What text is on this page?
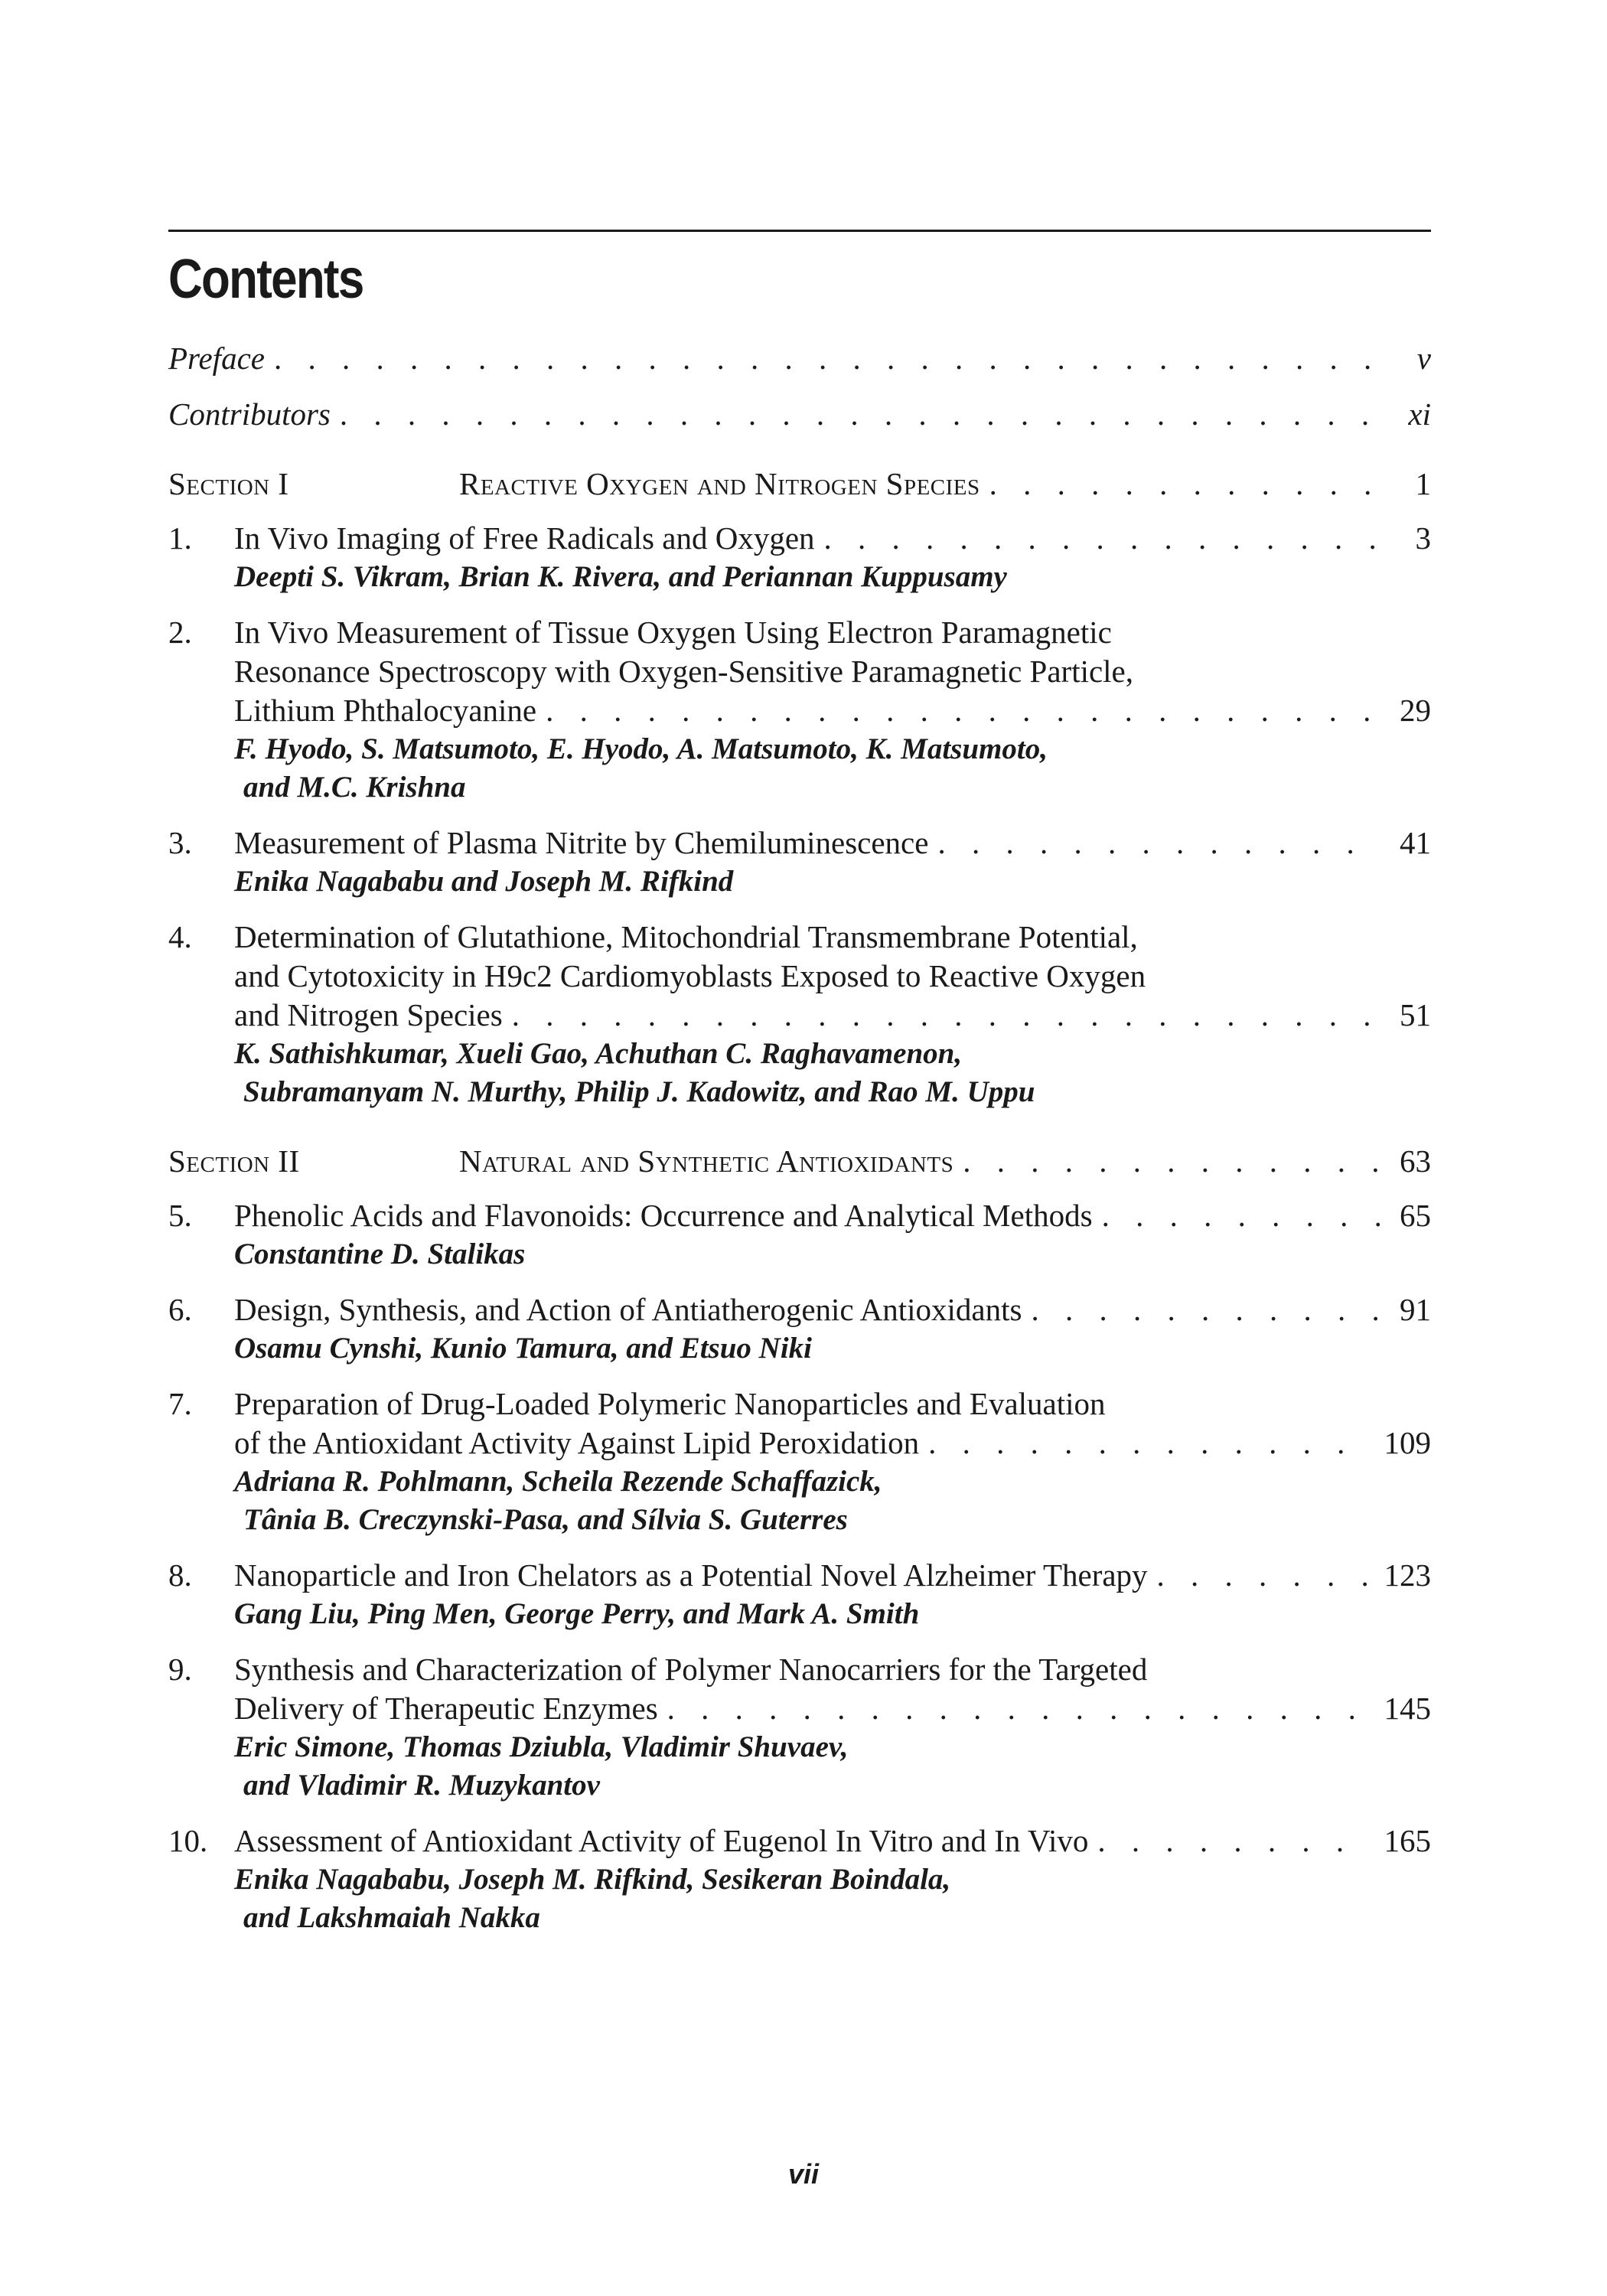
Contents
Preface . . .	v
Contributors . . .	xi
Section I	Reactive Oxygen and Nitrogen Species . . .	1
1.	In Vivo Imaging of Free Radicals and Oxygen . . .	3
Deepti S. Vikram, Brian K. Rivera, and Periannan Kuppusamy
2.	In Vivo Measurement of Tissue Oxygen Using Electron Paramagnetic
Resonance Spectroscopy with Oxygen-Sensitive Paramagnetic Particle,
Lithium Phthalocyanine . . .	29
F. Hyodo, S. Matsumoto, E. Hyodo, A. Matsumoto, K. Matsumoto,
and M.C. Krishna
3.	Measurement of Plasma Nitrite by Chemiluminescence . . .	41
Enika Nagababu and Joseph M. Rifkind
4.	Determination of Glutathione, Mitochondrial Transmembrane Potential,
and Cytotoxicity in H9c2 Cardiomyoblasts Exposed to Reactive Oxygen
and Nitrogen Species . . .	51
K. Sathishkumar, Xueli Gao, Achuthan C. Raghavamenon,
Subramanyam N. Murthy, Philip J. Kadowitz, and Rao M. Uppu
Section II	Natural and Synthetic Antioxidants . . .	63
5.	Phenolic Acids and Flavonoids: Occurrence and Analytical Methods . . .	65
Constantine D. Stalikas
6.	Design, Synthesis, and Action of Antiatherogenic Antioxidants . . .	91
Osamu Cynshi, Kunio Tamura, and Etsuo Niki
7.	Preparation of Drug-Loaded Polymeric Nanoparticles and Evaluation
of the Antioxidant Activity Against Lipid Peroxidation . . .	109
Adriana R. Pohlmann, Scheila Rezende Schaffazick,
Tânia B. Creczynski-Pasa, and Sílvia S. Guterres
8.	Nanoparticle and Iron Chelators as a Potential Novel Alzheimer Therapy . . .	123
Gang Liu, Ping Men, George Perry, and Mark A. Smith
9.	Synthesis and Characterization of Polymer Nanocarriers for the Targeted
Delivery of Therapeutic Enzymes . . .	145
Eric Simone, Thomas Dziubla, Vladimir Shuvaev,
and Vladimir R. Muzykantov
10. Assessment of Antioxidant Activity of Eugenol In Vitro and In Vivo . . .	165
Enika Nagababu, Joseph M. Rifkind, Sesikeran Boindala,
and Lakshmaiah Nakka
vii
